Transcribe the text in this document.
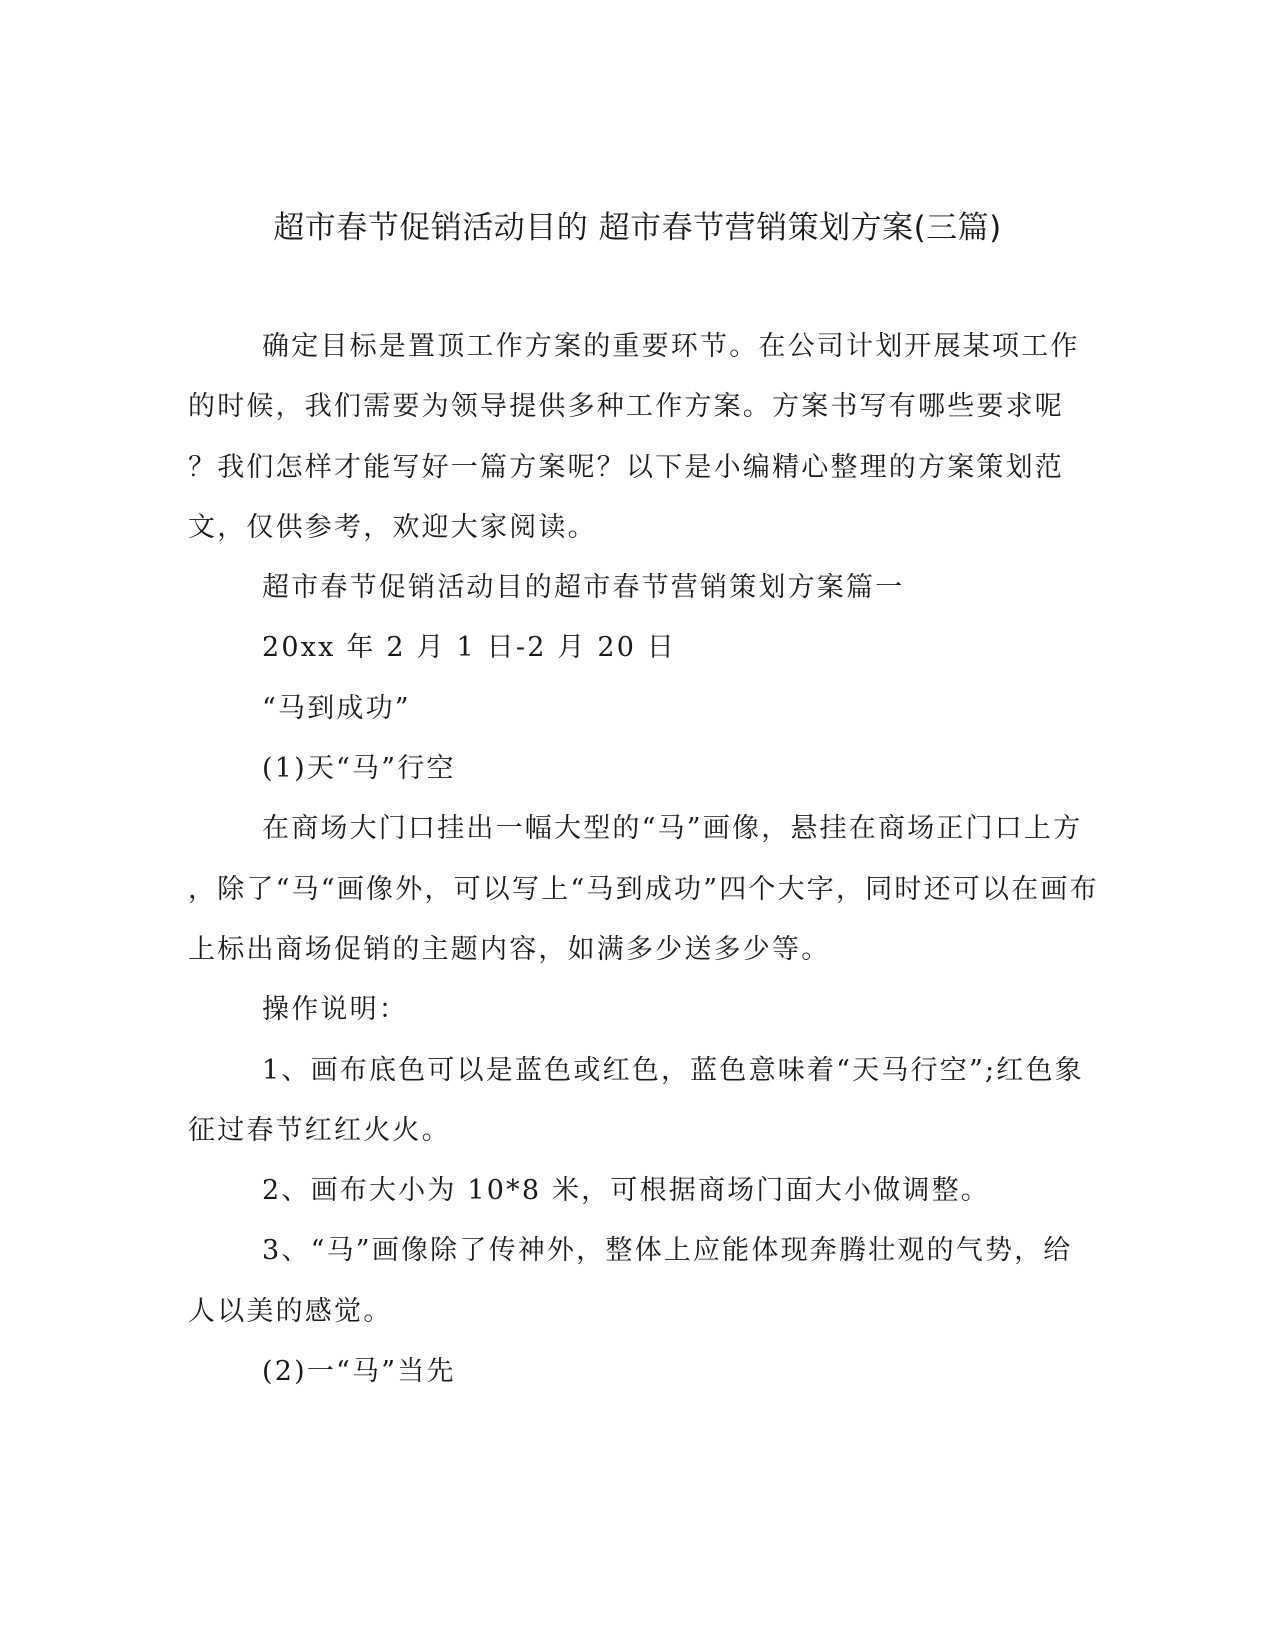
超市春节促销活动目的 超市春节营销策划方案(三篇)
确定目标是置顶工作方案的重要环节。在公司计划开展某项工作
的时候，我们需要为领导提供多种工作方案。方案书写有哪些要求呢
？我们怎样才能写好一篇方案呢？以下是小编精心整理的方案策划范
文，仅供参考，欢迎大家阅读。
超市春节促销活动目的超市春节营销策划方案篇一
20xx 年 2 月 1 日-2 月 20 日
“马到成功”
(1)天“马”行空
在商场大门口挂出一幅大型的“马”画像，悬挂在商场正门口上方
，除了“马“画像外，可以写上“马到成功”四个大字，同时还可以在画布
上标出商场促销的主题内容，如满多少送多少等。
操作说明：
1、画布底色可以是蓝色或红色，蓝色意味着“天马行空”;红色象
征过春节红红火火。
2、画布大小为 10*8 米，可根据商场门面大小做调整。
3、“马”画像除了传神外，整体上应能体现奔腾壮观的气势，给
人以美的感觉。
(2)一“马”当先
